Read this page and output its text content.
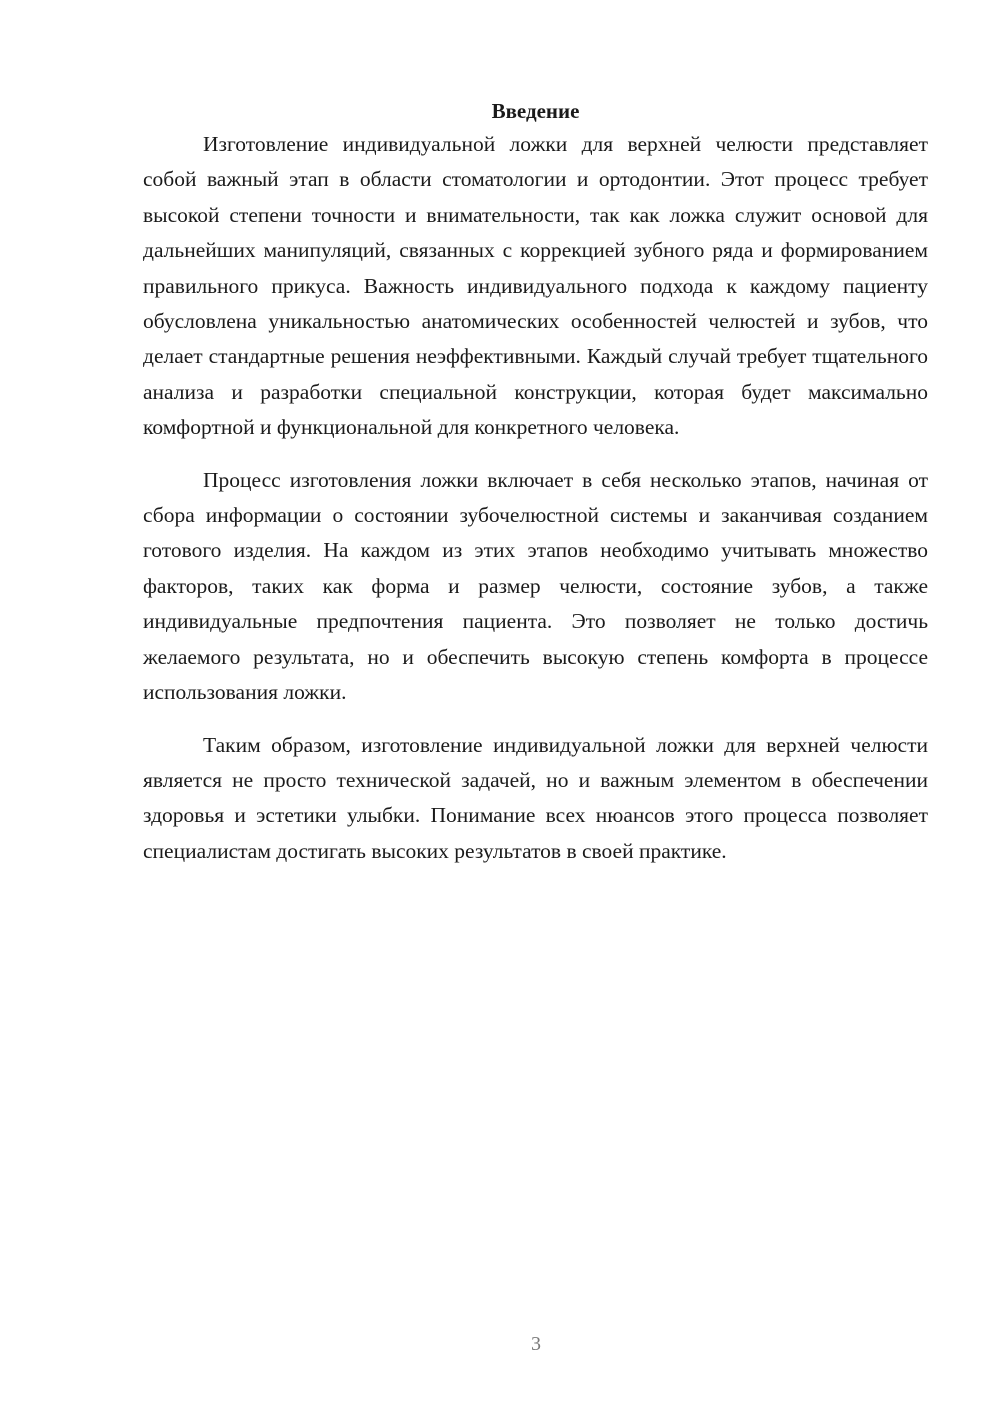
Введение

Изготовление индивидуальной ложки для верхней челюсти представляет собой важный этап в области стоматологии и ортодонтии. Этот процесс требует высокой степени точности и внимательности, так как ложка служит основой для дальнейших манипуляций, связанных с коррекцией зубного ряда и формированием правильного прикуса. Важность индивидуального подхода к каждому пациенту обусловлена уникальностью анатомических особенностей челюстей и зубов, что делает стандартные решения неэффективными. Каждый случай требует тщательного анализа и разработки специальной конструкции, которая будет максимально комфортной и функциональной для конкретного человека.

Процесс изготовления ложки включает в себя несколько этапов, начиная от сбора информации о состоянии зубочелюстной системы и заканчивая созданием готового изделия. На каждом из этих этапов необходимо учитывать множество факторов, таких как форма и размер челюсти, состояние зубов, а также индивидуальные предпочтения пациента. Это позволяет не только достичь желаемого результата, но и обеспечить высокую степень комфорта в процессе использования ложки.

Таким образом, изготовление индивидуальной ложки для верхней челюсти является не просто технической задачей, но и важным элементом в обеспечении здоровья и эстетики улыбки. Понимание всех нюансов этого процесса позволяет специалистам достигать высоких результатов в своей практике.

3
